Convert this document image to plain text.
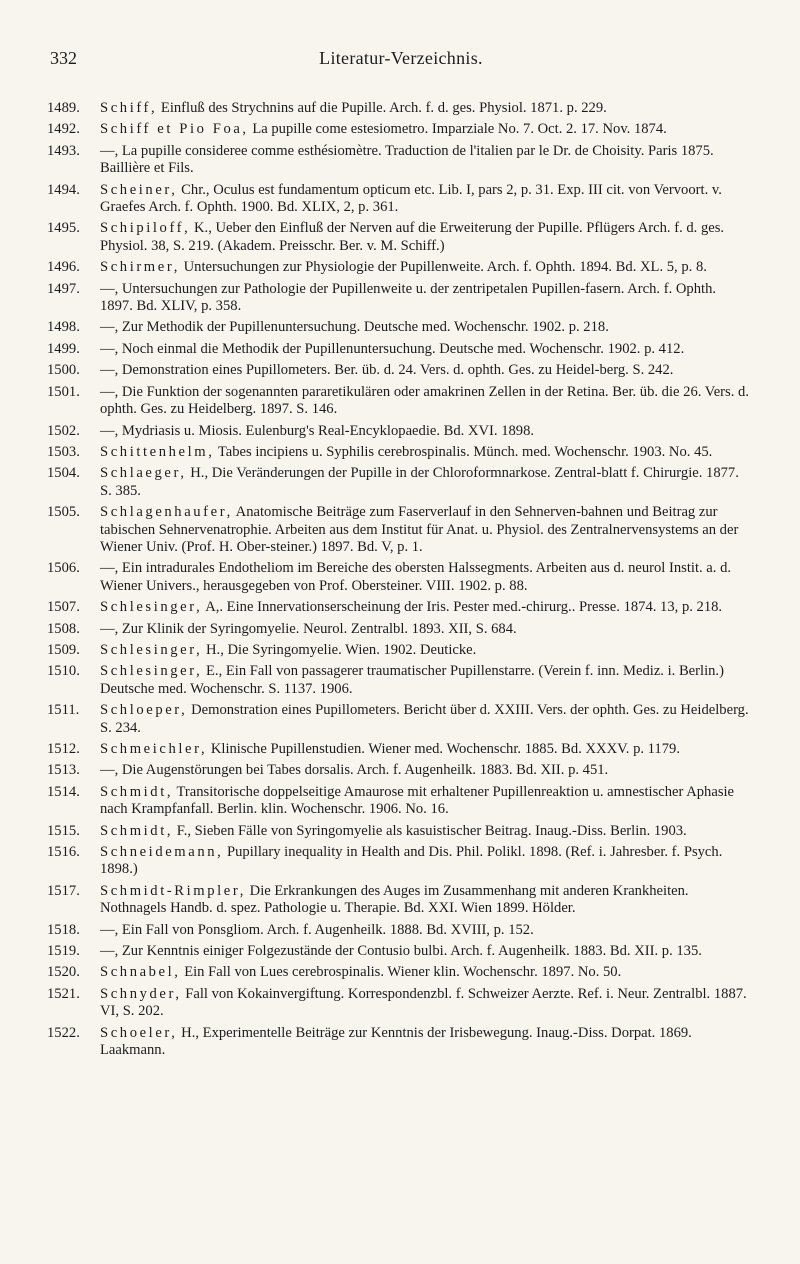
332	Literatur-Verzeichnis.
1489. Schiff, Einfluß des Strychnins auf die Pupille. Arch. f. d. ges. Physiol. 1871. p. 229.
1492. Schiff et Pio Foa, La pupille come estesiometro. Imparziale No. 7. Oct. 2. 17. Nov. 1874.
1493. —, La pupille consideree comme esthésiomètre. Traduction de l'italien par le Dr. de Choisity. Paris 1875. Baillière et Fils.
1494. Scheiner, Chr., Oculus est fundamentum opticum etc. Lib. I, pars 2, p. 31. Exp. III cit. von Vervoort. v. Graefes Arch. f. Ophth. 1900. Bd. XLIX, 2, p. 361.
1495. Schipiloff, K., Ueber den Einfluß der Nerven auf die Erweiterung der Pupille. Pflügers Arch. f. d. ges. Physiol. 38, S. 219. (Akadem. Preisschr. Ber. v. M. Schiff.)
1496. Schirmer, Untersuchungen zur Physiologie der Pupillenweite. Arch. f. Ophth. 1894. Bd. XL. 5, p. 8.
1497. —, Untersuchungen zur Pathologie der Pupillenweite u. der zentripetalen Pupillen-fasern. Arch. f. Ophth. 1897. Bd. XLIV, p. 358.
1498. —, Zur Methodik der Pupillenuntersuchung. Deutsche med. Wochenschr. 1902. p. 218.
1499. —, Noch einmal die Methodik der Pupillenuntersuchung. Deutsche med. Wochenschr. 1902. p. 412.
1500. —, Demonstration eines Pupillometers. Ber. üb. d. 24. Vers. d. ophth. Ges. zu Heidel-berg. S. 242.
1501. —, Die Funktion der sogenannten pararetikulären oder amakrinen Zellen in der Retina. Ber. üb. die 26. Vers. d. ophth. Ges. zu Heidelberg. 1897. S. 146.
1502. —, Mydriasis u. Miosis. Eulenburg's Real-Encyklopaedie. Bd. XVI. 1898.
1503. Schittenhelm, Tabes incipiens u. Syphilis cerebrospinalis. Münch. med. Wochenschr. 1903. No. 45.
1504. Schlaeger, H., Die Veränderungen der Pupille in der Chloroformnarkose. Zentral-blatt f. Chirurgie. 1877. S. 385.
1505. Schlagenhaufer, Anatomische Beiträge zum Faserverlauf in den Sehnerven-bahnen und Beitrag zur tabischen Sehnervenatrophie. Arbeiten aus dem Institut für Anat. u. Physiol. des Zentralnervensystems an der Wiener Univ. (Prof. H. Ober-steiner.) 1897. Bd. V, p. 1.
1506. —, Ein intradurales Endotheliom im Bereiche des obersten Halssegments. Arbeiten aus d. neurol Instit. a. d. Wiener Univers., herausgegeben von Prof. Obersteiner. VIII. 1902. p. 88.
1507. Schlesinger, A,. Eine Innervationserscheinung der Iris. Pester med.-chirurg.. Presse. 1874. 13, p. 218.
1508. —, Zur Klinik der Syringomyelie. Neurol. Zentralbl. 1893. XII, S. 684.
1509. Schlesinger, H., Die Syringomyelie. Wien. 1902. Deuticke.
1510. Schlesinger, E., Ein Fall von passagerer traumatischer Pupillenstarre. (Verein f. inn. Mediz. i. Berlin.) Deutsche med. Wochenschr. S. 1137. 1906.
1511. Schloeper, Demonstration eines Pupillometers. Bericht über d. XXIII. Vers. der ophth. Ges. zu Heidelberg. S. 234.
1512. Schmeichler, Klinische Pupillenstudien. Wiener med. Wochenschr. 1885. Bd. XXXV. p. 1179.
1513. —, Die Augenstörungen bei Tabes dorsalis. Arch. f. Augenheilk. 1883. Bd. XII. p. 451.
1514. Schmidt, Transitorische doppelseitige Amaurose mit erhaltener Pupillenreaktion u. amnestischer Aphasie nach Krampfanfall. Berlin. klin. Wochenschr. 1906. No. 16.
1515. Schmidt, F., Sieben Fälle von Syringomyelie als kasuistischer Beitrag. Inaug.-Diss. Berlin. 1903.
1516. Schneidemann, Pupillary inequality in Health and Dis. Phil. Polikl. 1898. (Ref. i. Jahresber. f. Psych. 1898.)
1517. Schmidt-Rimpler, Die Erkrankungen des Auges im Zusammenhang mit anderen Krankheiten. Nothnagels Handb. d. spez. Pathologie u. Therapie. Bd. XXI. Wien 1899. Hölder.
1518. —, Ein Fall von Ponsgliom. Arch. f. Augenheilk. 1888. Bd. XVIII, p. 152.
1519. —, Zur Kenntnis einiger Folgezustände der Contusio bulbi. Arch. f. Augenheilk. 1883. Bd. XII. p. 135.
1520. Schnabel, Ein Fall von Lues cerebrospinalis. Wiener klin. Wochenschr. 1897. No. 50.
1521. Schnyder, Fall von Kokainvergiftung. Korrespondenzbl. f. Schweizer Aerzte. Ref. i. Neur. Zentralbl. 1887. VI, S. 202.
1522. Schoeler, H., Experimentelle Beiträge zur Kenntnis der Irisbewegung. Inaug.-Diss. Dorpat. 1869. Laakmann.
